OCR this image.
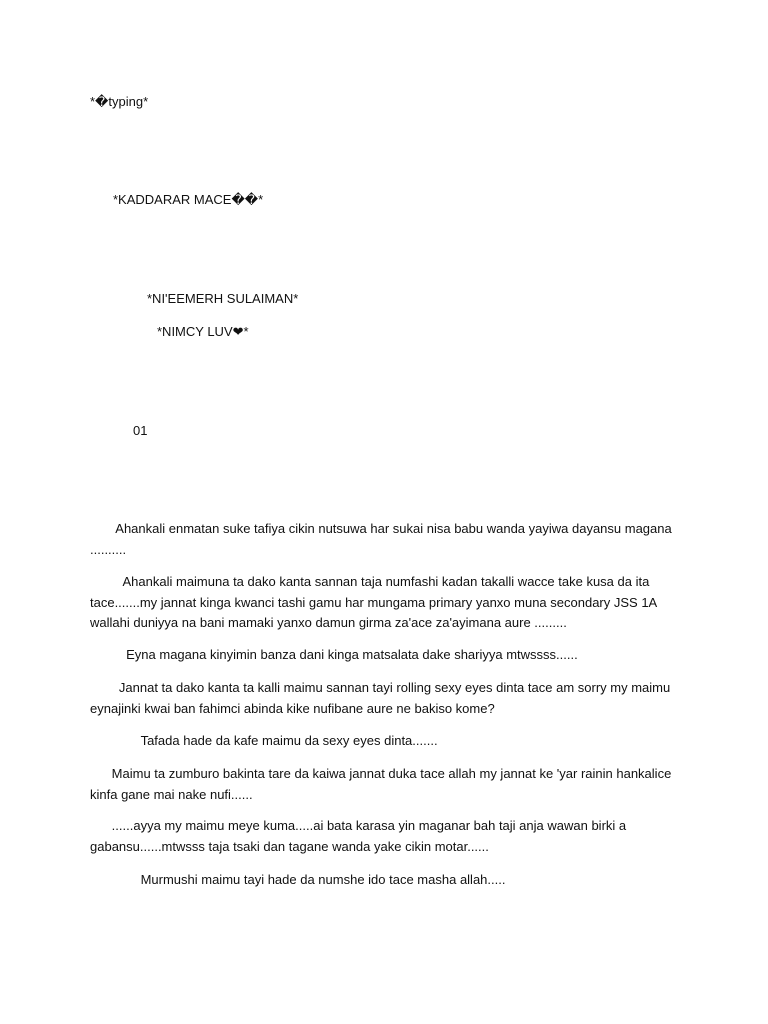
*�typing*
*KADDARAR MACE��*
*NI'EEMERH SULAIMAN*
*NIMCY LUV❤*
01
Ahankali enmatan suke tafiya cikin nutsuwa har sukai nisa babu wanda yayiwa dayansu magana ..........
Ahankali maimuna ta dako kanta sannan taja numfashi kadan takalli wacce take kusa da ita tace.......my jannat kinga kwanci tashi gamu har mungama primary yanxo muna secondary JSS 1A wallahi duniyya na bani mamaki yanxo damun girma za'ace za'ayimana aure .........
Eyna magana kinyimin banza dani kinga matsalata dake shariyya mtwssss......
Jannat ta dako kanta ta kalli maimu sannan tayi rolling sexy eyes dinta tace am sorry my maimu eynajinki kwai ban fahimci abinda kike nufibane aure ne bakiso kome?
Tafada hade da kafe maimu da sexy eyes dinta.......
Maimu ta zumburo bakinta tare da kaiwa jannat duka tace allah my jannat ke 'yar rainin hankalice kinfa gane mai nake nufi......
......ayya my maimu meye kuma.....ai bata karasa yin maganar bah taji anja wawan birki a gabansu......mtwsss taja tsaki dan tagane wanda yake cikin motar......
Murmushi maimu tayi hade da numshe ido tace masha allah.....
